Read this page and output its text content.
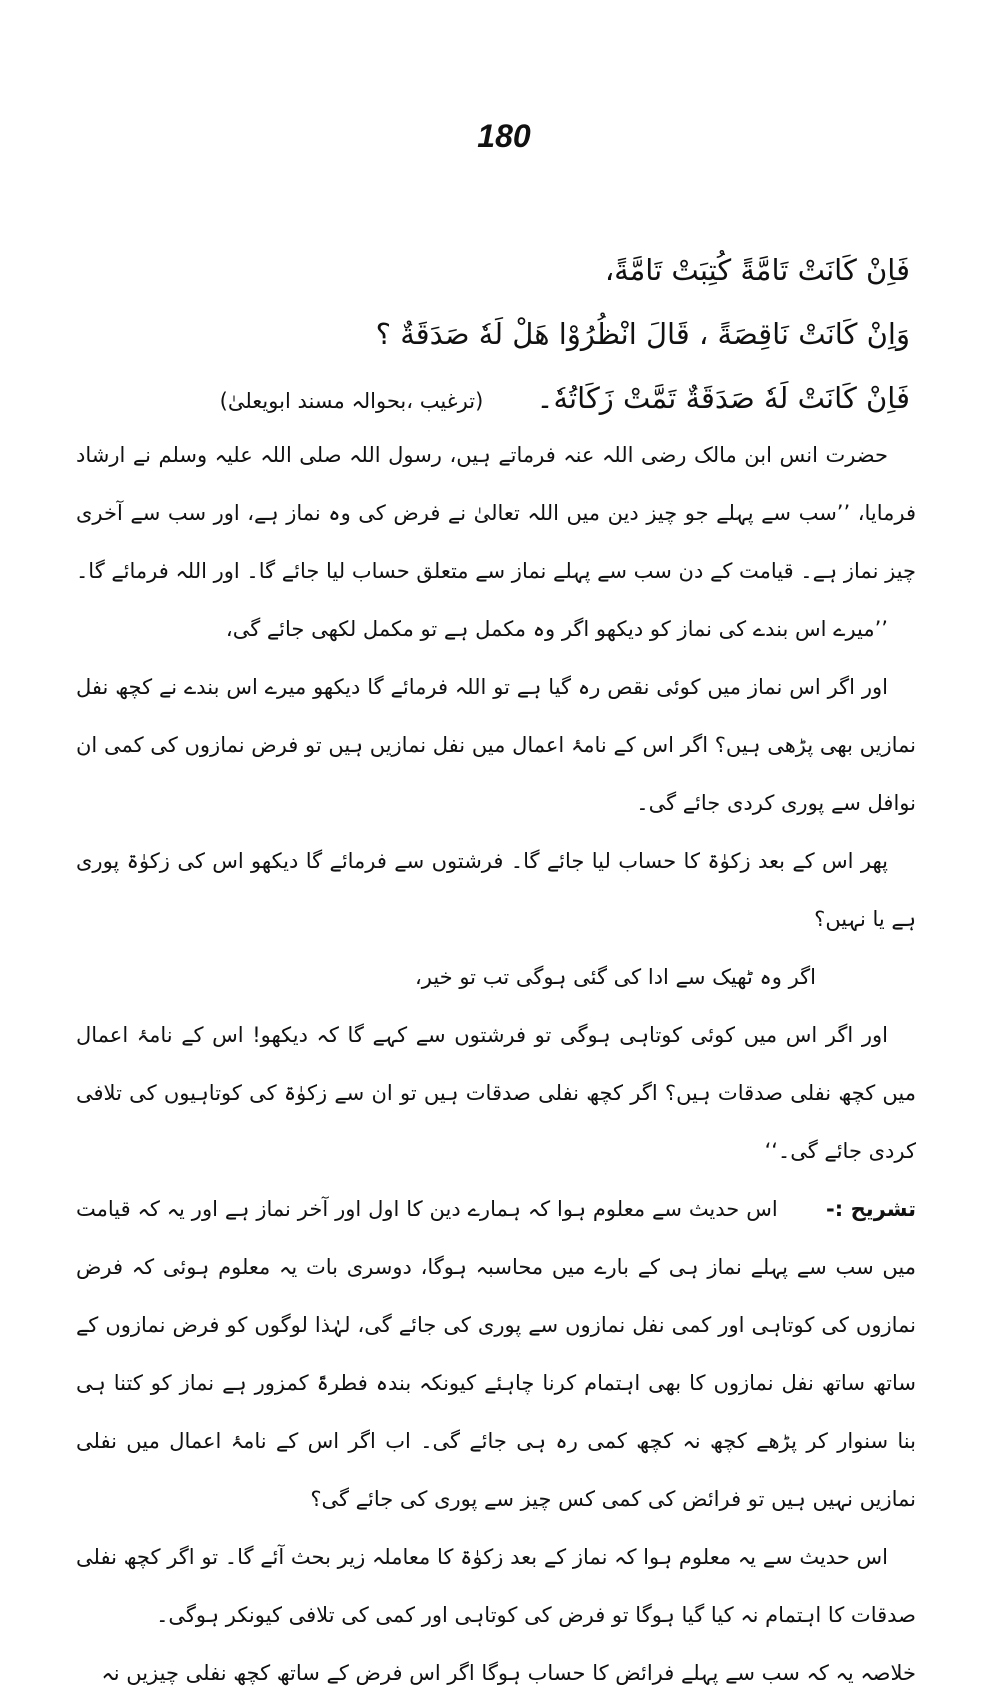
180
فَاِنْ كَانَتْ تَامَّةً كُتِبَتْ تَامَّةً،
وَاِنْ كَانَتْ نَاقِصَةً ، قَالَ انْظُرُوْا هَلْ لَهٗ صَدَقَةٌ ؟
فَاِنْ كَانَتْ لَهٗ صَدَقَةٌ تَمَّتْ زَكَاتُهٗ۔ (ترغیب ،بحوالہ مسند ابویعلیٰ)

حضرت انس ابن مالک رضی اللہ عنہ فرماتے ہیں، رسول اللہ صلی اللہ علیہ وسلم نے ارشاد فرمایا، ’’سب سے پہلے جو چیز دین میں اللہ تعالیٰ نے فرض کی وہ نماز ہے، اور سب سے آخری چیز نماز ہے۔ قیامت کے دن سب سے پہلے نماز سے متعلق حساب لیا جائے گا۔ اور اللہ فرمائے گا۔

’’میرے اس بندے کی نماز کو دیکھو اگر وہ مکمل ہے تو مکمل لکھی جائے گی،

اور اگر اس نماز میں کوئی نقص رہ گیا ہے تو اللہ فرمائے گا دیکھو میرے اس بندے نے کچھ نفل نمازیں بھی پڑھی ہیں؟ اگر اس کے نامۂ اعمال میں نفل نمازیں ہیں تو فرض نمازوں کی کمی ان نوافل سے پوری کردی جائے گی۔

پھر اس کے بعد زکوٰۃ کا حساب لیا جائے گا۔ فرشتوں سے فرمائے گا دیکھو اس کی زکوٰۃ پوری ہے یا نہیں؟

اگر وہ ٹھیک سے ادا کی گئی ہوگی تب تو خیر،

اور اگر اس میں کوئی کوتاہی ہوگی تو فرشتوں سے کہے گا کہ دیکھو! اس کے نامۂ اعمال میں کچھ نفلی صدقات ہیں؟ اگر کچھ نفلی صدقات ہیں تو ان سے زکوٰۃ کی کوتاہیوں کی تلافی کردی جائے گی۔‘‘

تشریح :-       اس حدیث سے معلوم ہوا کہ ہمارے دین کا اول اور آخر نماز ہے اور یہ کہ قیامت میں سب سے پہلے نماز ہی کے بارے میں محاسبہ ہوگا، دوسری بات یہ معلوم ہوئی کہ فرض نمازوں کی کوتاہی اور کمی نفل نمازوں سے پوری کی جائے گی، لہٰذا لوگوں کو فرض نمازوں کے ساتھ ساتھ نفل نمازوں کا بھی اہتمام کرنا چاہئے کیونکہ بندہ فطرۃً کمزور ہے نماز کو کتنا ہی بنا سنوار کر پڑھے کچھ نہ کچھ کمی رہ ہی جائے گی۔ اب اگر اس کے نامۂ اعمال میں نفلی نمازیں نہیں ہیں تو فرائض کی کمی کس چیز سے پوری کی جائے گی؟

اس حدیث سے یہ معلوم ہوا کہ نماز کے بعد زکوٰۃ کا معاملہ زیر بحث آئے گا۔ تو اگر کچھ نفلی صدقات کا اہتمام نہ کیا گیا ہوگا تو فرض کی کوتاہی اور کمی کی تلافی کیونکر ہوگی۔

خلاصہ یہ کہ سب سے پہلے فرائض کا حساب ہوگا اگر اس فرض کے ساتھ کچھ نفلی چیزیں نہ
